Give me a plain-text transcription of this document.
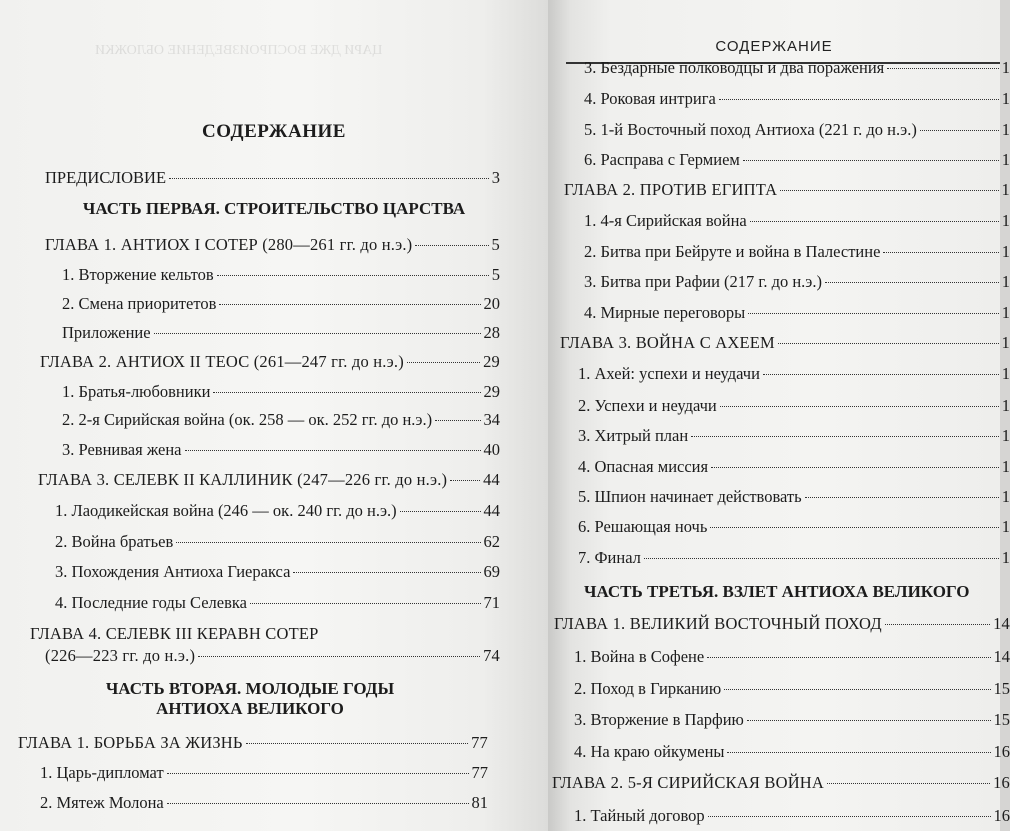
ЦАРИ ДЖЕ ВОСПРОИЗВЕДЕНИЕ ОБЛОЖКИ
СОДЕРЖАНИЕ
ПРЕДИСЛОВИЕ	3
ЧАСТЬ ПЕРВАЯ. СТРОИТЕЛЬСТВО ЦАРСТВА
ГЛАВА 1. АНТИОХ I СОТЕР (280—261 гг. до н.э.)	5
1. Вторжение кельтов	5
2. Смена приоритетов	20
Приложение	28
ГЛАВА 2. АНТИОХ II ТЕОС (261—247 гг. до н.э.)	29
1. Братья-любовники	29
2. 2-я Сирийская война (ок. 258 — ок. 252 гг. до н.э.)	34
3. Ревнивая жена	40
ГЛАВА 3. СЕЛЕВК II КАЛЛИНИК (247—226 гг. до н.э.) 44
1. Лаодикейская война (246 — ок. 240 гг. до н.э.)	44
2. Война братьев	62
3. Похождения Антиоха Гиеракса	69
4. Последние годы Селевка	71
ГЛАВА 4. СЕЛЕВК III КЕРАВН СОТЕР
(226—223 гг. до н.э.)	74
ЧАСТЬ ВТОРАЯ. МОЛОДЫЕ ГОДЫ
АНТИОХА ВЕЛИКОГО
ГЛАВА 1. БОРЬБА ЗА ЖИЗНЬ	77
1. Царь-дипломат	77
2. Мятеж Молона	81
СОДЕРЖАНИЕ
3. Бездарные полководцы и два поражения	1
4. Роковая интрига	1
5. 1-й Восточный поход Антиоха (221 г. до н.э.)	1
6. Расправа с Гермием	1
ГЛАВА 2. ПРОТИВ ЕГИПТА	1
1. 4-я Сирийская война	1
2. Битва при Бейруте и война в Палестине	1
3. Битва при Рафии (217 г. до н.э.)	1
4. Мирные переговоры	1
ГЛАВА 3. ВОЙНА С АХЕЕМ	1
1. Ахей: успехи и неудачи	1
2. Успехи и неудачи	1
3. Хитрый план	1
4. Опасная миссия	1
5. Шпион начинает действовать	1
6. Решающая ночь	1
7. Финал	1
ЧАСТЬ ТРЕТЬЯ. ВЗЛЕТ АНТИОХА ВЕЛИКОГО
ГЛАВА 1. ВЕЛИКИЙ ВОСТОЧНЫЙ ПОХОД	14
1. Война в Софене	14
2. Поход в Гирканию	15
3. Вторжение в Парфию	15
4. На краю ойкумены	16
ГЛАВА 2. 5-Я СИРИЙСКАЯ ВОЙНА	16
1. Тайный договор	16
